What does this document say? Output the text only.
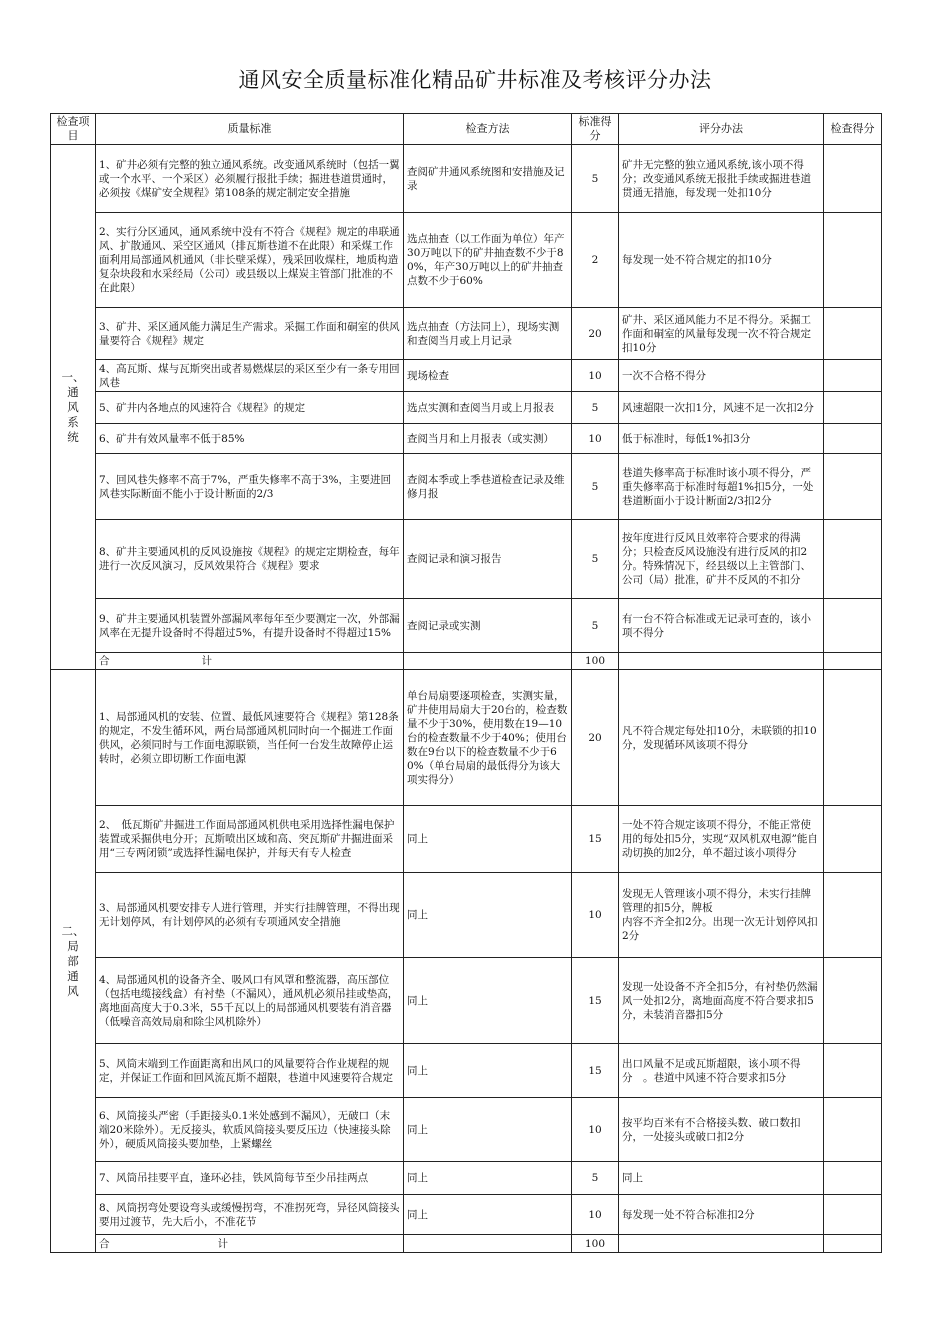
通风安全质量标准化精品矿井标准及考核评分办法
检查项目	质量标准	检查方法	标准得分	评分办法	检查得分
一、
通
风
系
统	1、矿井必须有完整的独立通风系统。改变通风系统时（包括一翼或一个水平、一个采区）必须履行报批手续；掘进巷道贯通时，必须按《煤矿安全规程》第108条的规定制定安全措施	查阅矿井通风系统图和安措施及记录	5	矿井无完整的独立通风系统,该小项不得分；改变通风系统无报批手续或掘进巷道贯通无措施，每发现一处扣10分	
	2、实行分区通风，通风系统中没有不符合《规程》规定的串联通风、扩散通风、采空区通风（排瓦斯巷道不在此限）和采煤工作面利用局部通风机通风（非长壁采煤），残采回收煤柱，地质构造复杂块段和水采经局（公司）或县级以上煤炭主管部门批准的不在此限）	选点抽查（以工作面为单位）年产30万吨以下的矿井抽查数不少于80%，年产30万吨以上的矿井抽查点数不少于60%	2	每发现一处不符合规定的扣10分	
	3、矿井、采区通风能力满足生产需求。采掘工作面和硐室的供风量要符合《规程》规定	选点抽查（方法同上），现场实测和查阅当月或上月记录	20	矿井、采区通风能力不足不得分。采掘工作面和硐室的风量每发现一次不符合规定扣10分	
	4、高瓦斯、煤与瓦斯突出或者易燃煤层的采区至少有一条专用回风巷	现场检查	10	一次不合格不得分	
	5、矿井内各地点的风速符合《规程》的规定	选点实测和查阅当月或上月报表	5	风速超限一次扣1分，风速不足一次扣2分	
	6、矿井有效风量率不低于85%	查阅当月和上月报表（或实测）	10	低于标准时，每低1%扣3分	
	7、回风巷失修率不高于7%，严重失修率不高于3%，主要进回风巷实际断面不能小于设计断面的2/3	查阅本季或上季巷道检查记录及维修月报	5	巷道失修率高于标准时该小项不得分，严重失修率高于标准时每超1%扣5分，一处巷道断面小于设计断面2/3扣2分	
	8、矿井主要通风机的反风设施按《规程》的规定定期检查，每年进行一次反风演习，反风效果符合《规程》要求	查阅记录和演习报告	5	按年度进行反风且效率符合要求的得满分；只检查反风设施没有进行反风的扣2分。特殊情况下，经县级以上主管部门、公司（局）批准，矿井不反风的不扣分	
	9、矿井主要通风机装置外部漏风率每年至少要测定一次，外部漏风率在无提升设备时不得超过5%，有提升设备时不得超过15%	查阅记录或实测	5	有一台不符合标准或无记录可查的，该小项不得分	
	合 计		100		
二、
局
部
通
风	1、局部通风机的安装、位置、最低风速要符合《规程》第128条的规定，不发生循环风，两台局部通风机同时向一个掘进工作面供风，必须同时与工作面电源联锁，当任何一台发生故障停止运转时，必须立即切断工作面电源	单台局扇要逐项检查，实测实量，矿井使用局扇大于20台的，检查数量不少于30%，使用数在19—10台的检查数量不少于40%；使用台数在9台以下的检查数量不少于60%（单台局扇的最低得分为该大项实得分）	20	凡不符合规定每处扣10分，未联锁的扣10分，发现循环风该项不得分	
	2、　低瓦斯矿井掘进工作面局部通风机供电采用选择性漏电保护装置或采掘供电分开；瓦斯喷出区域和高、突瓦斯矿井掘进面采用“三专两闭锁”或选择性漏电保护，并每天有专人检查	同上	15	一处不符合规定该项不得分，不能正常使用的每处扣5分，实现“双风机双电源”能自动切换的加2分，单不超过该小项得分	
	3、局部通风机要安排专人进行管理，并实行挂牌管理，不得出现无计划停风，有计划停风的必须有专项通风安全措施	同上	10	发现无人管理该小项不得分，未实行挂牌管理的扣5分，牌板
内容不齐全扣2分。出现一次无计划停风扣2分	
	4、局部通风机的设备齐全、吸风口有风罩和整流器，高压部位（包括电缆接线盒）有衬垫（不漏风），通风机必须吊挂或垫高，离地面高度大于0.3米，55千瓦以上的局部通风机要装有消音器（低噪音高效局扇和除尘风机除外）	同上	15	发现一处设备不齐全扣5分，有衬垫仍然漏风一处扣2分，离地面高度不符合要求扣5分，未装消音器扣5分	
	5、风筒末端到工作面距离和出风口的风量要符合作业规程的规定，并保证工作面和回风流瓦斯不超限，巷道中风速要符合规定	同上	15	出口风量不足或瓦斯超限，该小项不得分　。巷道中风速不符合要求扣5分	
	6、风筒接头严密（手距接头0.1米处感到不漏风），无破口（末端20米除外）。无反接头，软质风筒接头要反压边（快速接头除外），硬质风筒接头要加垫，上紧螺丝	同上	10	按平均百米有不合格接头数、破口数扣分，一处接头或破口扣2分	
	7、风筒吊挂要平直，逢环必挂，铁风筒每节至少吊挂两点	同上	5	同上	
	8、风筒拐弯处要设弯头或缓慢拐弯，不准拐死弯，异径风筒接头要用过渡节，先大后小，不准花节	同上	10	每发现一处不符合标准扣2分	
	合 计		100		
